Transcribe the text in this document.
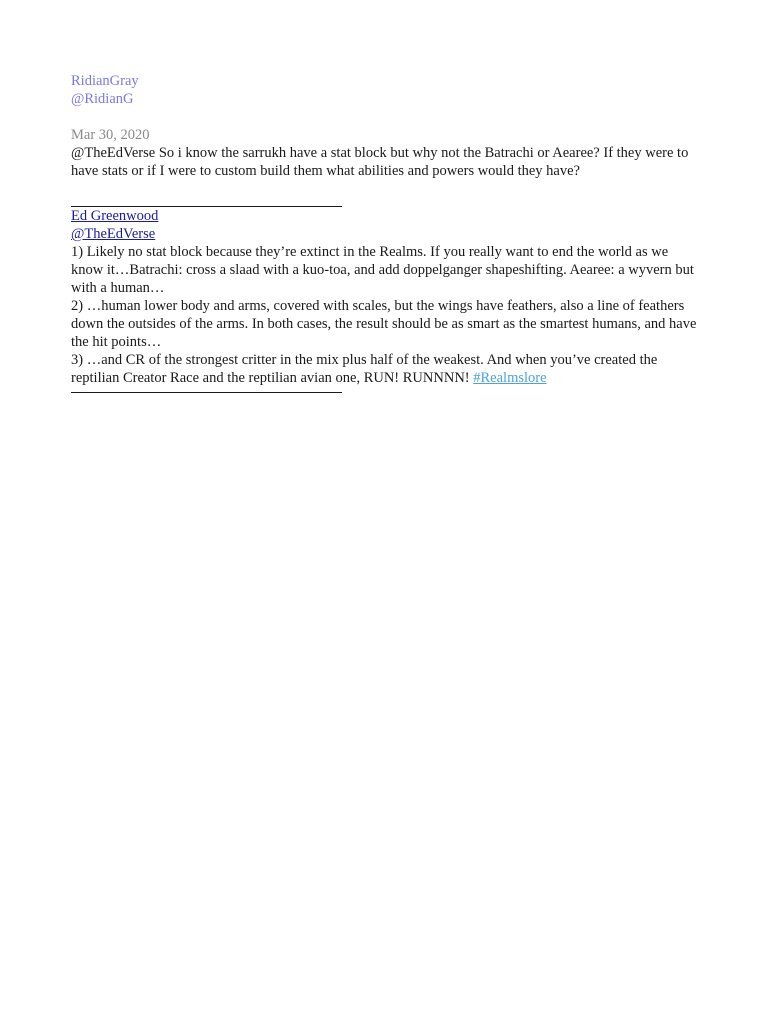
RidianGray
@RidianG
Mar 30, 2020
@TheEdVerse So i know the sarrukh have a stat block but why not the Batrachi or Aearee? If they were to have stats or if I were to custom build them what abilities and powers would they have?
Ed Greenwood
@TheEdVerse

1) Likely no stat block because they’re extinct in the Realms. If you really want to end the world as we know it…Batrachi: cross a slaad with a kuo-toa, and add doppelganger shapeshifting. Aearee: a wyvern but with a human…

2) …human lower body and arms, covered with scales, but the wings have feathers, also a line of feathers down the outsides of the arms. In both cases, the result should be as smart as the smartest humans, and have the hit points…

3) …and CR of the strongest critter in the mix plus half of the weakest. And when you’ve created the reptilian Creator Race and the reptilian avian one, RUN! RUNNNN! #Realmslore
